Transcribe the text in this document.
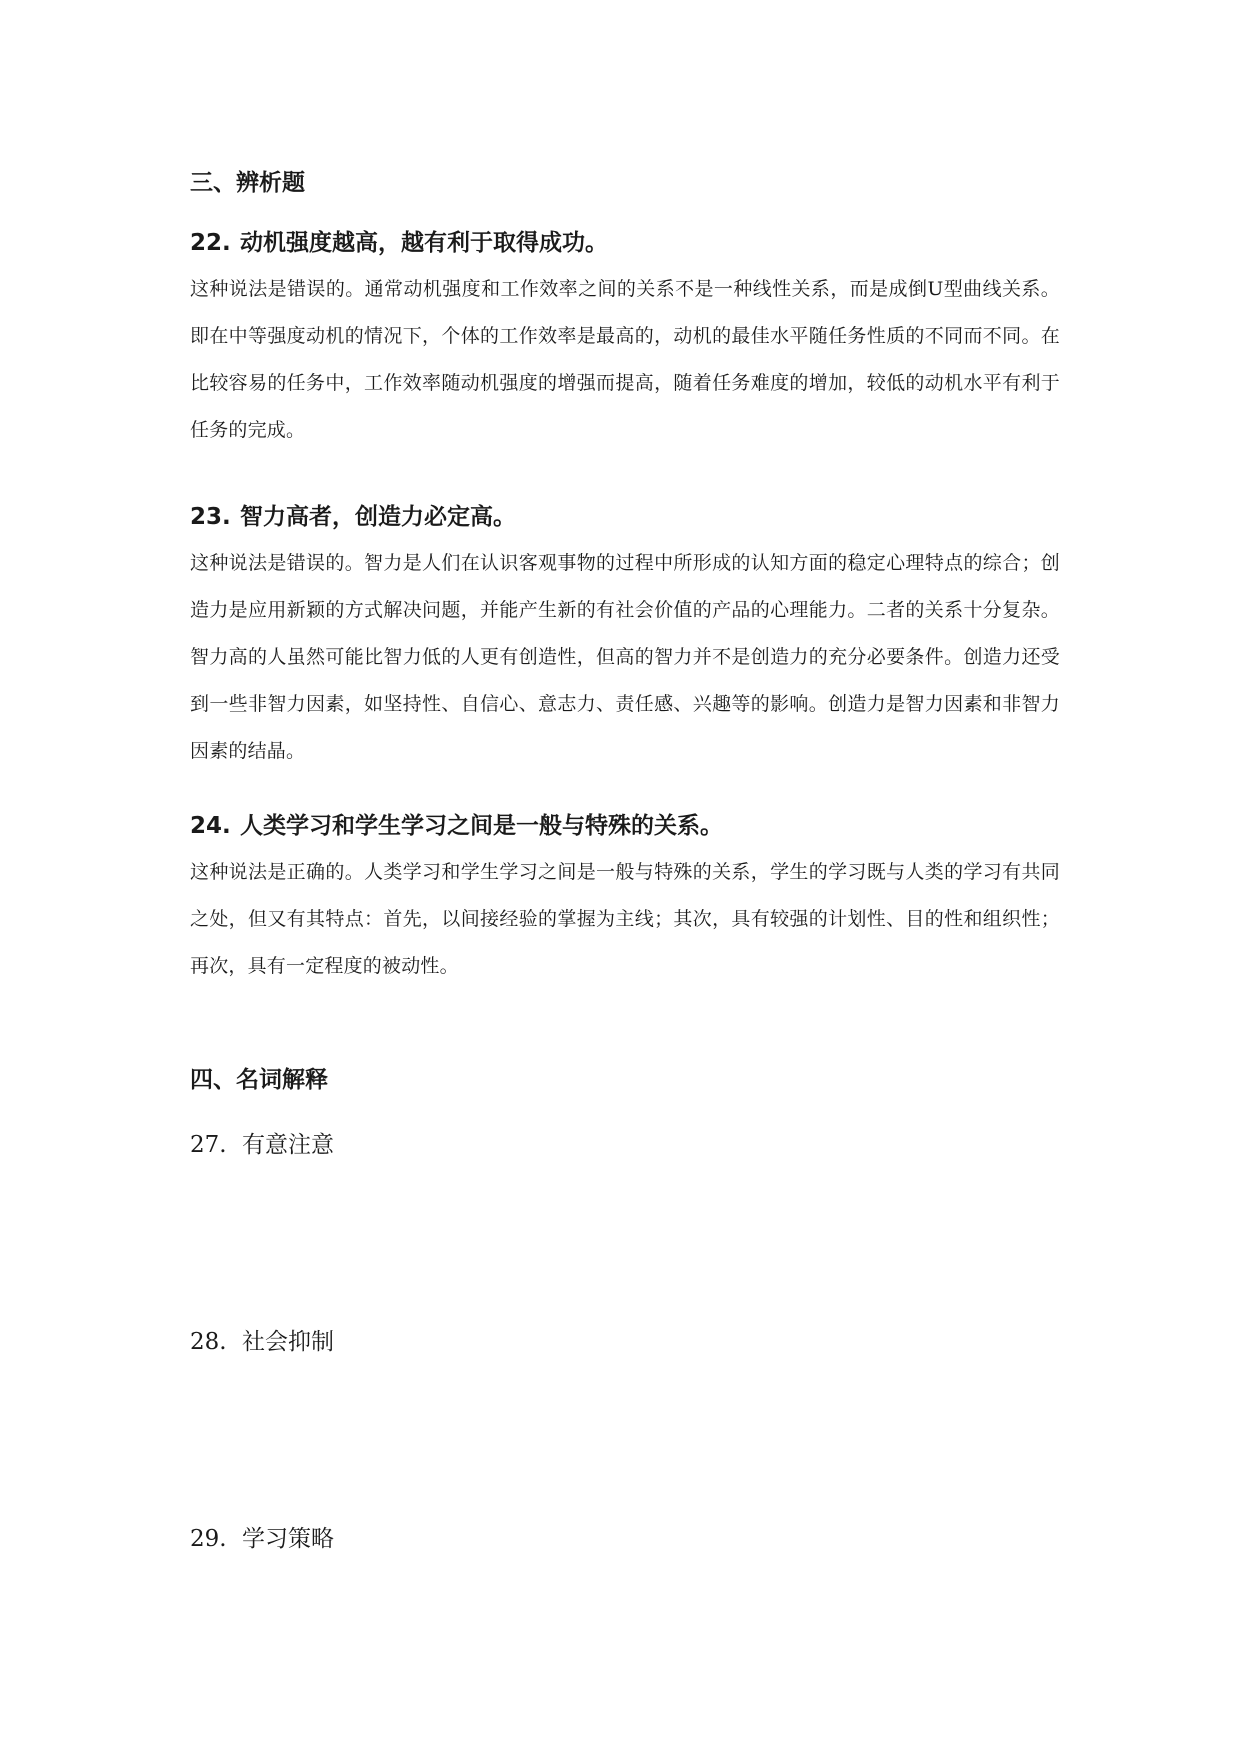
三、辨析题
22. 动机强度越高，越有利于取得成功。

这种说法是错误的。通常动机强度和工作效率之间的关系不是一种线性关系，而是成倒U型曲线关系。即在中等强度动机的情况下，个体的工作效率是最高的，动机的最佳水平随任务性质的不同而不同。在比较容易的任务中，工作效率随动机强度的增强而提高，随着任务难度的增加，较低的动机水平有利于任务的完成。

23. 智力高者，创造力必定高。

这种说法是错误的。智力是人们在认识客观事物的过程中所形成的认知方面的稳定心理特点的综合；创造力是应用新颖的方式解决问题，并能产生新的有社会价值的产品的心理能力。二者的关系十分复杂。智力高的人虽然可能比智力低的人更有创造性，但高的智力并不是创造力的充分必要条件。创造力还受到一些非智力因素，如坚持性、自信心、意志力、责任感、兴趣等的影响。创造力是智力因素和非智力因素的结晶。

24. 人类学习和学生学习之间是一般与特殊的关系。

这种说法是正确的。人类学习和学生学习之间是一般与特殊的关系，学生的学习既与人类的学习有共同之处，但又有其特点：首先，以间接经验的掌握为主线；其次，具有较强的计划性、目的性和组织性；再次，具有一定程度的被动性。

四、名词解释
27. 有意注意
28. 社会抑制
29. 学习策略
